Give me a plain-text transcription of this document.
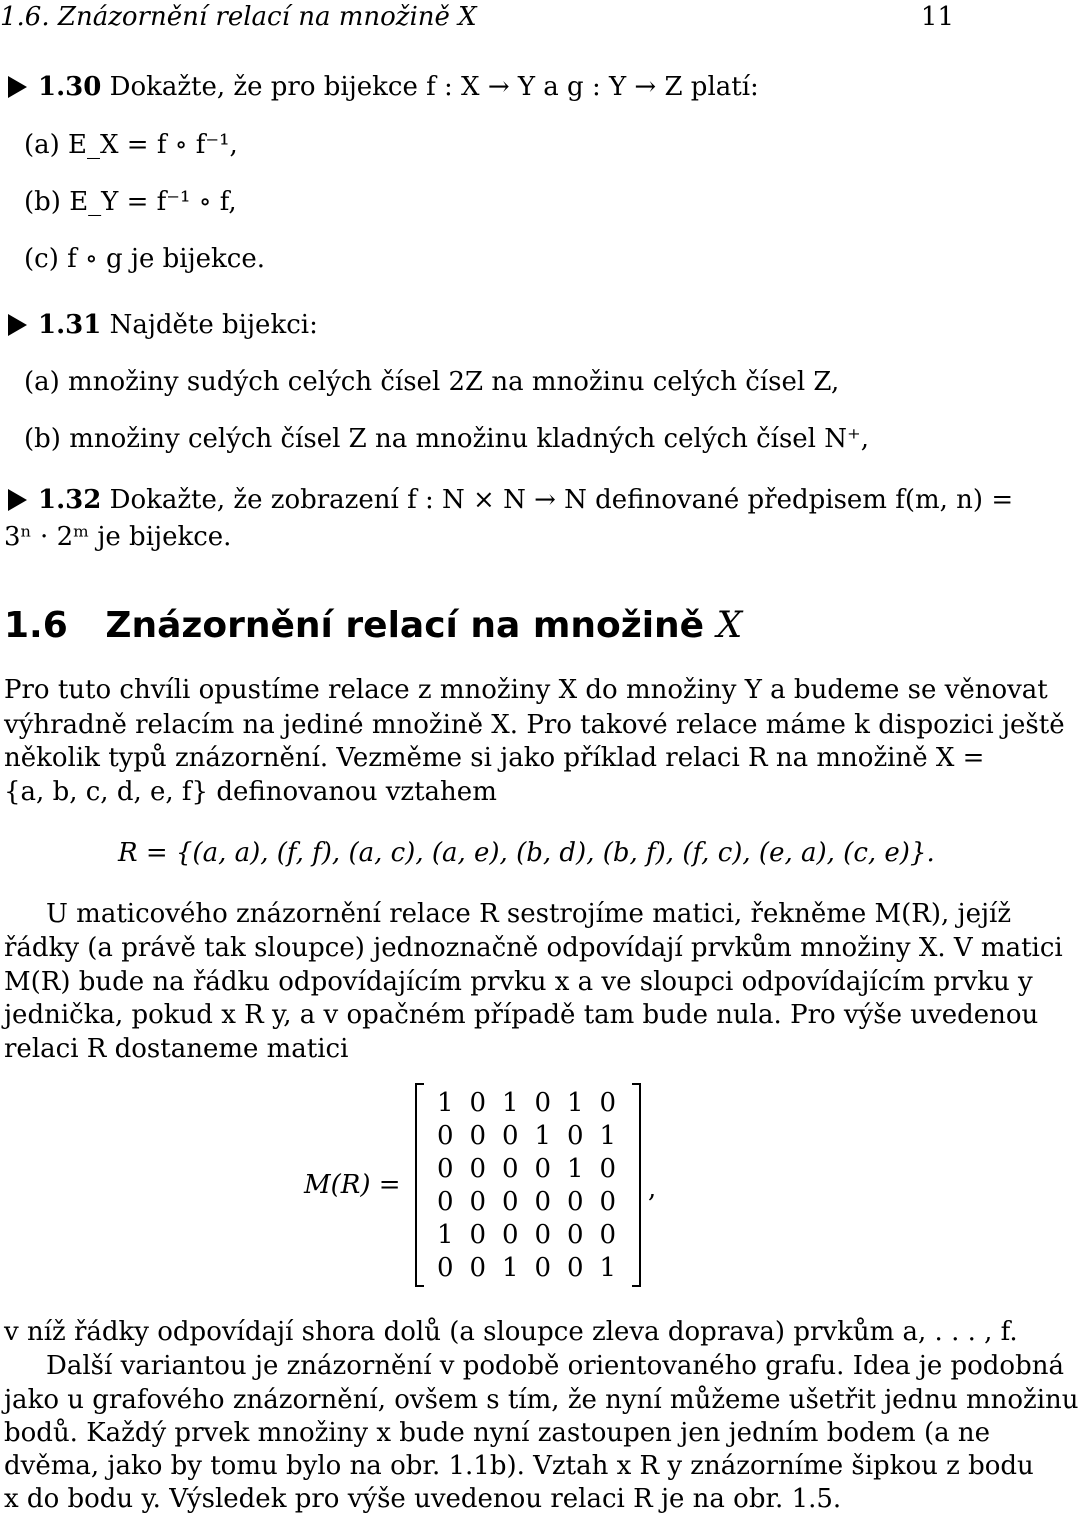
1.6. Znázornění relací na množině X	11
1.30 Dokažte, že pro bijekce f : X → Y a g : Y → Z platí:
(a) E_X = f ∘ f⁻¹,
(b) E_Y = f⁻¹ ∘ f,
(c) f ∘ g je bijekce.
1.31 Najděte bijekci:
(a) množiny sudých celých čísel 2Z na množinu celých čísel Z,
(b) množiny celých čísel Z na množinu kladných celých čísel N⁺,
1.32 Dokažte, že zobrazení f : N × N → N definované předpisem f(m, n) =
3ⁿ · 2ᵐ je bijekce.
1.6 Znázornění relací na množině X
Pro tuto chvíli opustíme relace z množiny X do množiny Y a budeme se věnovat
výhradně relacím na jediné množině X. Pro takové relace máme k dispozici ještě
několik typů znázornění. Vezměme si jako příklad relaci R na množině X =
{a, b, c, d, e, f} definovanou vztahem
R = {(a, a), (f, f), (a, c), (a, e), (b, d), (b, f), (f, c), (e, a), (c, e)}.
U maticového znázornění relace R sestrojíme matici, řekněme M(R), jejíž
řádky (a právě tak sloupce) jednoznačně odpovídají prvkům množiny X. V matici
M(R) bude na řádku odpovídajícím prvku x a ve sloupci odpovídajícím prvku y
jednička, pokud x R y, a v opačném případě tam bude nula. Pro výše uvedenou
relaci R dostaneme matici
M(R) =
1 0 1 0 1 0
0 0 0 1 0 1
0 0 0 0 1 0
0 0 0 0 0 0
1 0 0 0 0 0
0 0 1 0 0 1
,
v níž řádky odpovídají shora dolů (a sloupce zleva doprava) prvkům a, . . . , f.
Další variantou je znázornění v podobě orientovaného grafu. Idea je podobná
jako u grafového znázornění, ovšem s tím, že nyní můžeme ušetřit jednu množinu
bodů. Každý prvek množiny x bude nyní zastoupen jen jedním bodem (a ne
dvěma, jako by tomu bylo na obr. 1.1b). Vztah x R y znázorníme šipkou z bodu
x do bodu y. Výsledek pro výše uvedenou relaci R je na obr. 1.5.
